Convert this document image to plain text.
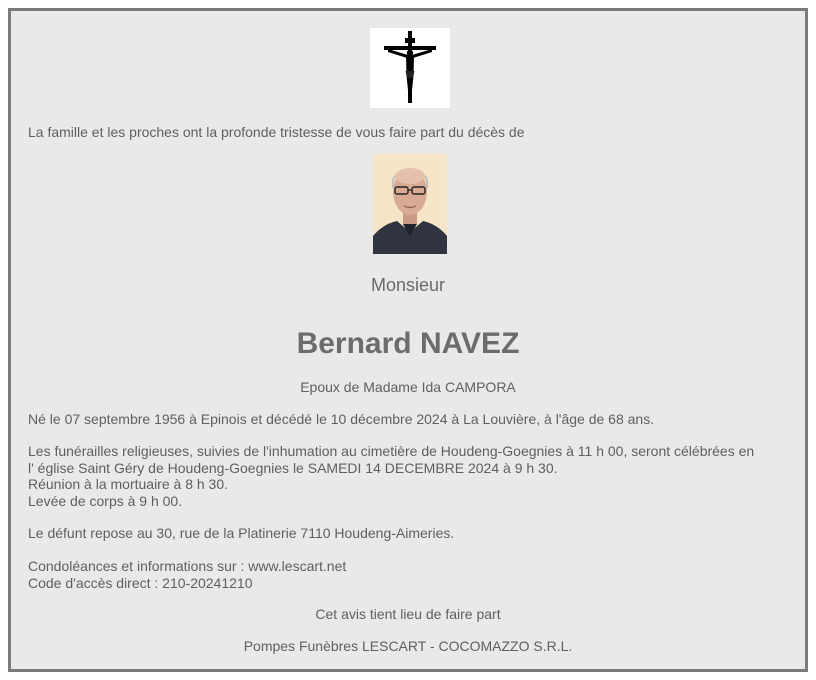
La famille et les proches ont la profonde tristesse de vous faire part du décès de
Monsieur
Bernard NAVEZ
Epoux de Madame Ida CAMPORA
Né le 07 septembre 1956 à Epinois et décédé le 10 décembre 2024 à La Louvière, à l'âge de 68 ans.
Les funérailles religieuses, suivies de l'inhumation au cimetière de Houdeng-Goegnies à 11 h 00, seront célébrées en
l' église Saint Géry de Houdeng-Goegnies le SAMEDI 14 DECEMBRE 2024 à 9 h 30.
Réunion à la mortuaire à 8 h 30.
Levée de corps à 9 h 00.
Le défunt repose au 30, rue de la Platinerie 7110 Houdeng-Aimeries.
Condoléances et informations sur : www.lescart.net
Code d'accès direct : 210-20241210
Cet avis tient lieu de faire part
Pompes Funèbres LESCART - COCOMAZZO S.R.L.
